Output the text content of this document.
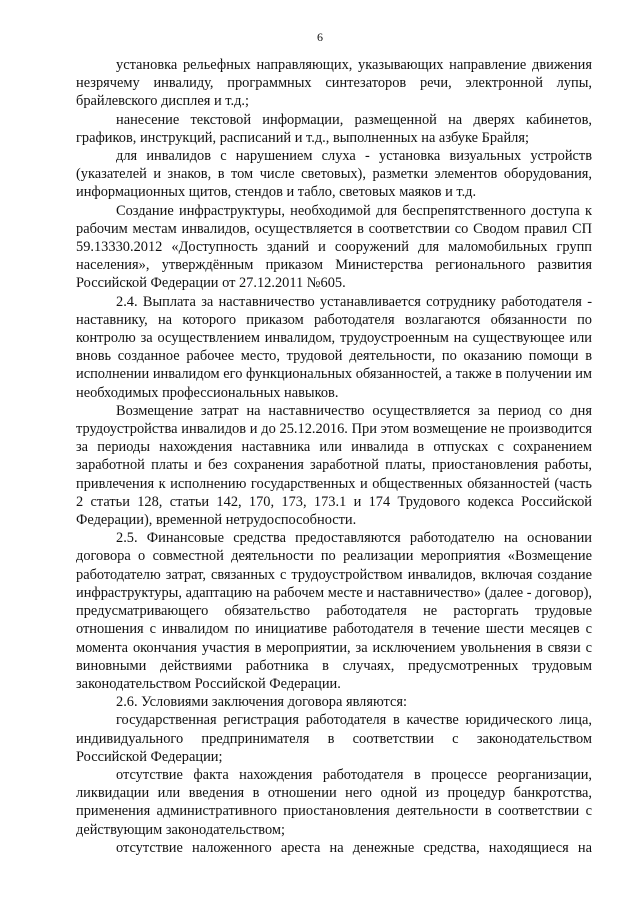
6

установка рельефных направляющих, указывающих направление движения незрячему инвалиду, программных синтезаторов речи, электронной лупы, брайлевского дисплея и т.д.;

нанесение текстовой информации, размещенной на дверях кабинетов, графиков, инструкций, расписаний и т.д., выполненных на азбуке Брайля;

для инвалидов с нарушением слуха - установка визуальных устройств (указателей и знаков, в том числе световых), разметки элементов оборудования, информационных щитов, стендов и табло, световых маяков и т.д.

Создание инфраструктуры, необходимой для беспрепятственного доступа к рабочим местам инвалидов, осуществляется в соответствии со Сводом правил СП 59.13330.2012 «Доступность зданий и сооружений для маломобильных групп населения», утверждённым приказом Министерства регионального развития Российской Федерации от 27.12.2011 №605.

2.4. Выплата за наставничество устанавливается сотруднику работодателя - наставнику, на которого приказом работодателя возлагаются обязанности по контролю за осуществлением инвалидом, трудоустроенным на существующее или вновь созданное рабочее место, трудовой деятельности, по оказанию помощи в исполнении инвалидом его функциональных обязанностей, а также в получении им необходимых профессиональных навыков.

Возмещение затрат на наставничество осуществляется за период со дня трудоустройства инвалидов и до 25.12.2016. При этом возмещение не производится за периоды нахождения наставника или инвалида в отпусках с сохранением заработной платы и без сохранения заработной платы, приостановления работы, привлечения к исполнению государственных и общественных обязанностей (часть 2 статьи 128, статьи 142, 170, 173, 173.1 и 174 Трудового кодекса Российской Федерации), временной нетрудоспособности.

2.5. Финансовые средства предоставляются работодателю на основании договора о совместной деятельности по реализации мероприятия «Возмещение работодателю затрат, связанных с трудоустройством инвалидов, включая создание инфраструктуры, адаптацию на рабочем месте и наставничество» (далее - договор), предусматривающего обязательство работодателя не расторгать трудовые отношения с инвалидом по инициативе работодателя в течение шести месяцев с момента окончания участия в мероприятии, за исключением увольнения в связи с виновными действиями работника в случаях, предусмотренных трудовым законодательством Российской Федерации.

2.6. Условиями заключения договора являются:

государственная регистрация работодателя в качестве юридического лица, индивидуального предпринимателя в соответствии с законодательством Российской Федерации;

отсутствие факта нахождения работодателя в процессе реорганизации, ликвидации или введения в отношении него одной из процедур банкротства, применения административного приостановления деятельности в соответствии с действующим законодательством;

отсутствие наложенного ареста на денежные средства, находящиеся на
